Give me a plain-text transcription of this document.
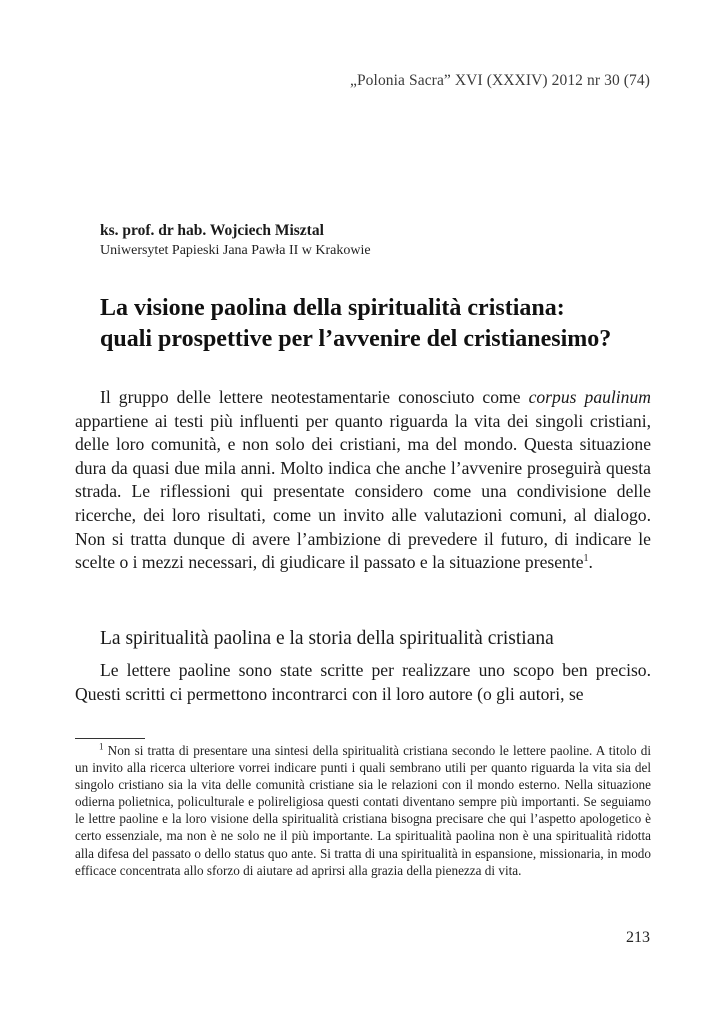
„Polonia Sacra” XVI (XXXIV) 2012 nr 30 (74)
ks. prof. dr hab. Wojciech Misztal
Uniwersytet Papieski Jana Pawła II w Krakowie
La visione paolina della spiritualità cristiana:
quali prospettive per l’avvenire del cristianesimo?

Il gruppo delle lettere neotestamentarie conosciuto come corpus paulinum appartiene ai testi più influenti per quanto riguarda la vita dei singoli cristiani, delle loro comunità, e non solo dei cristiani, ma del mondo. Questa situazione dura da quasi due mila anni. Molto indica che anche l’avvenire proseguirà questa strada. Le riflessioni qui presentate considero come una condivisione delle ricerche, dei loro risultati, come un invito alle valutazioni comuni, al dialogo. Non si tratta dunque di avere l’ambizione di prevedere il futuro, di indicare le scelte o i mezzi necessari, di giudicare il passato e la situazione presente$^1$.

La spiritualità paolina e la storia della spiritualità cristiana

Le lettere paoline sono state scritte per realizzare uno scopo ben preciso. Questi scritti ci permettono incontrarci con il loro autore (o gli autori, se

$^1$ Non si tratta di presentare una sintesi della spiritualità cristiana secondo le lettere paoline. A titolo di un invito alla ricerca ulteriore vorrei indicare punti i quali sembrano utili per quanto riguarda la vita sia del singolo cristiano sia la vita delle comunità cristiane sia le relazioni con il mondo esterno. Nella situazione odierna polietnica, policulturale e polireligiosa questi contati diventano sempre più importanti. Se seguiamo le lettre paoline e la loro visione della spiritualità cristiana bisogna precisare che qui l’aspetto apologetico è certo essenziale, ma non è ne solo ne il più importante. La spiritualità paolina non è una spiritualità ridotta alla difesa del passato o dello status quo ante. Si tratta di una spiritualità in espansione, missionaria, in modo efficace concentrata allo sforzo di aiutare ad aprirsi alla grazia della pienezza di vita.

213
